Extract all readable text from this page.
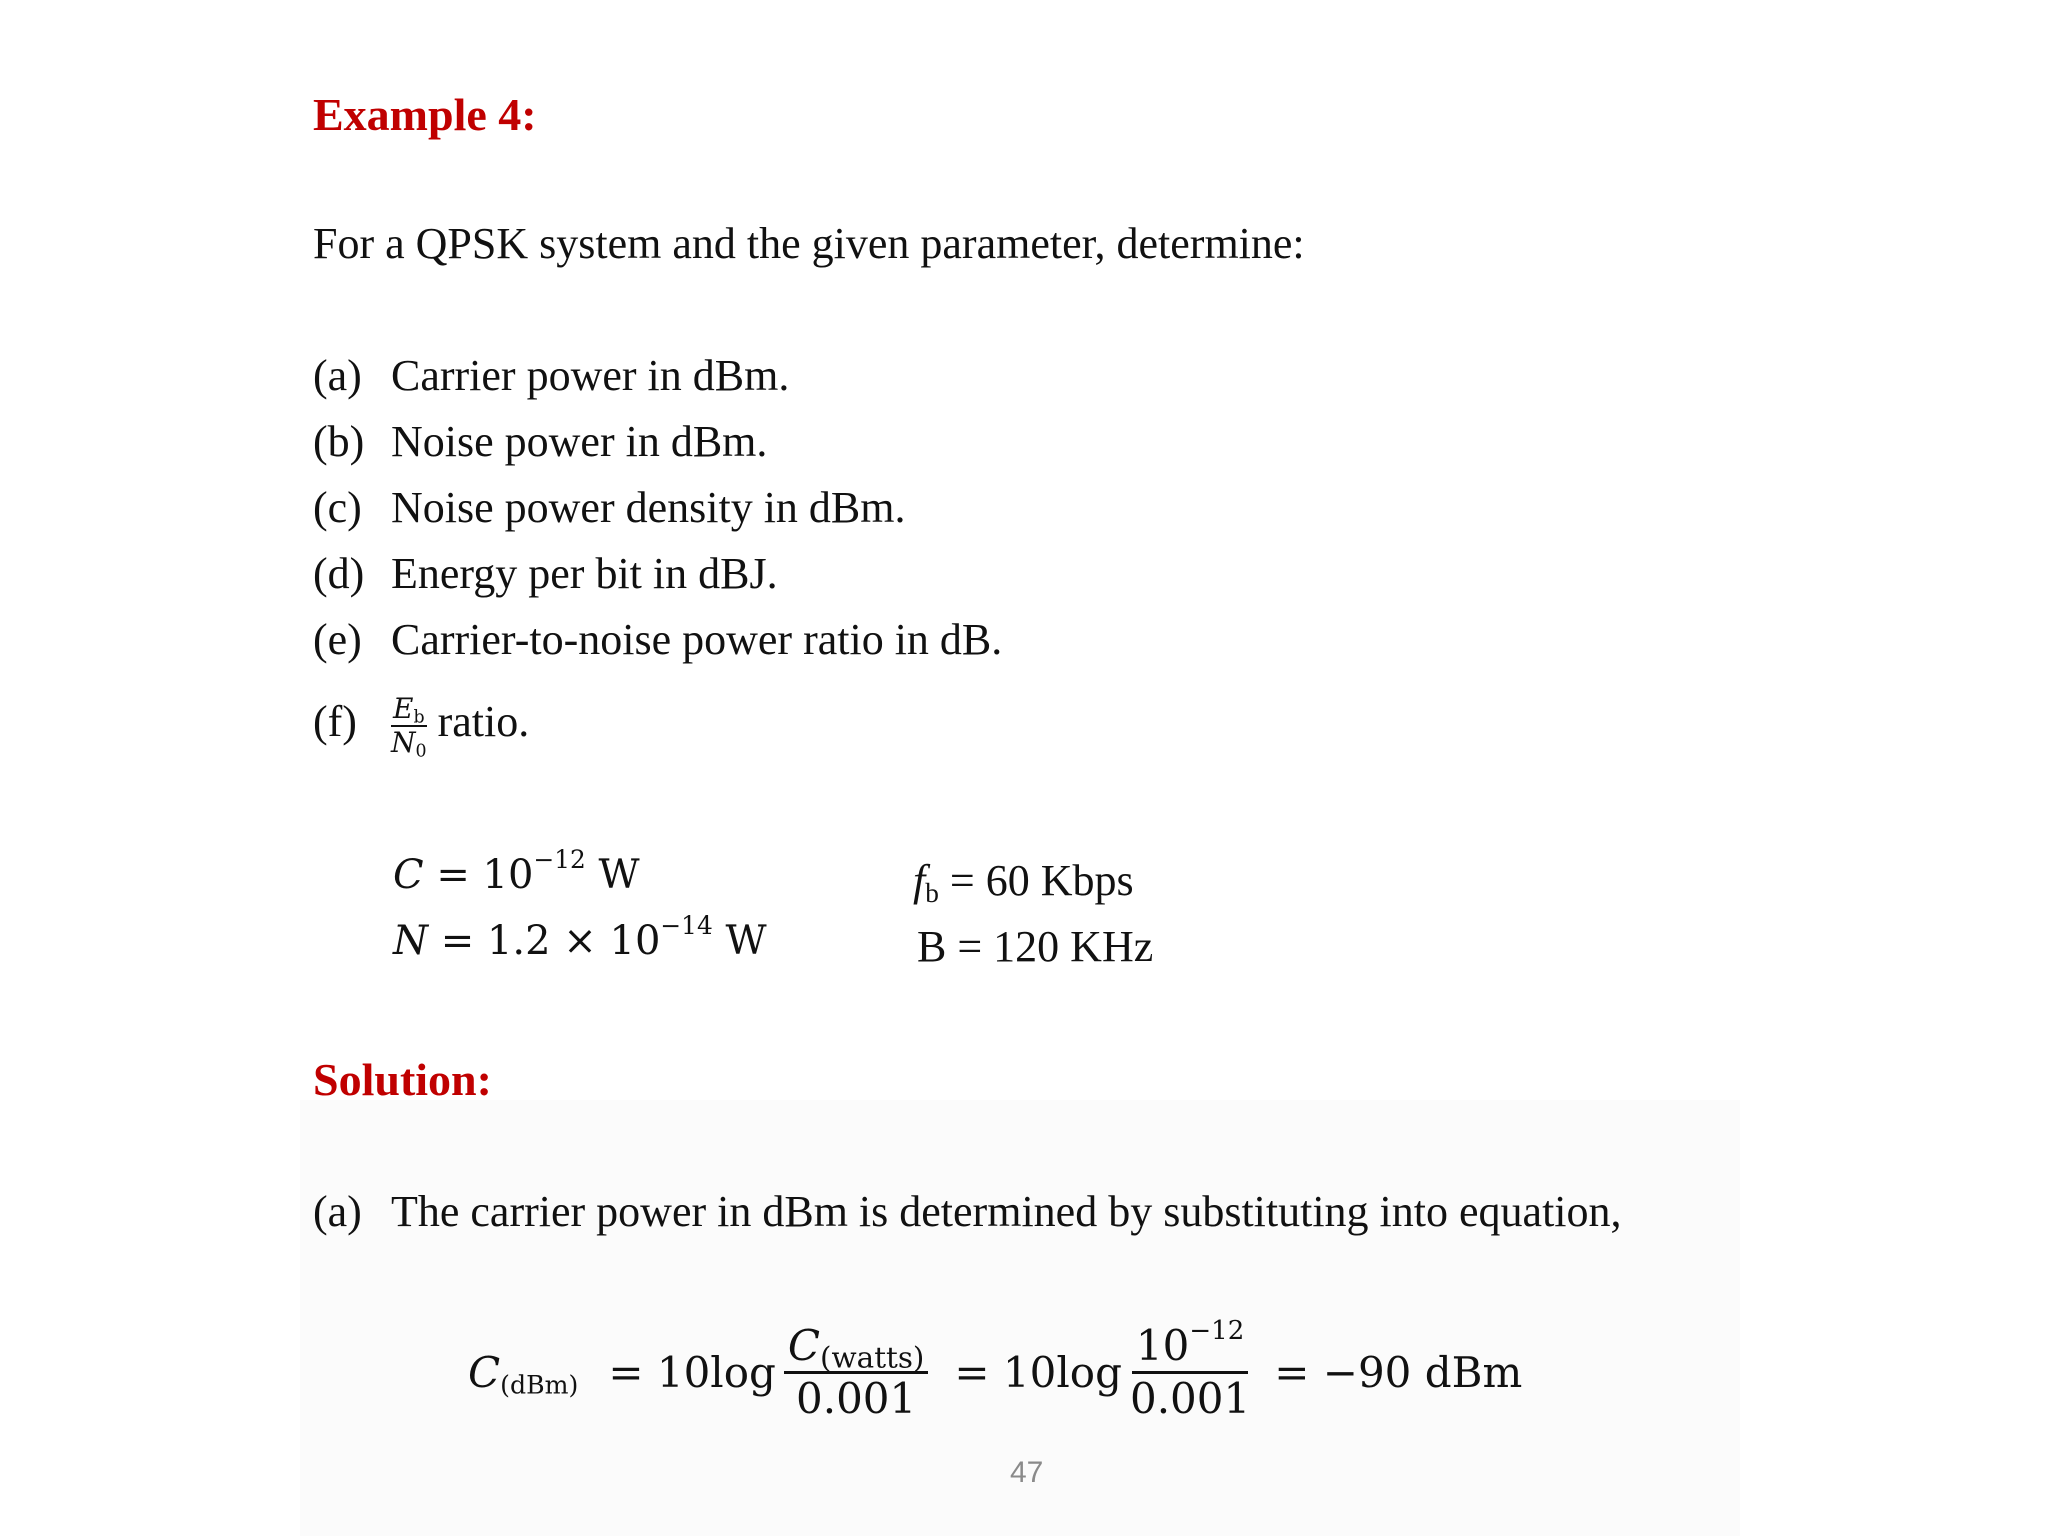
Example 4:
For a QPSK system and the given parameter, determine:
(a) Carrier power in dBm.
(b) Noise power in dBm.
(c) Noise power density in dBm.
(d) Energy per bit in dBJ.
(e) Carrier-to-noise power ratio in dB.
$(f) \frac{E_b}{N_0}$ ratio.
$C = 10^{-12}$ W
$N = 1.2 \times 10^{-14}$ W
$f_b = 60$ Kbps
B = 120 KHz
Solution:
(a) The carrier power in dBm is determined by substituting into equation,
$C_{(dBm)} = 10\log \frac{C_{(watts)}}{0.001} = 10\log \frac{10^{-12}}{0.001} = -90$ dBm
47
